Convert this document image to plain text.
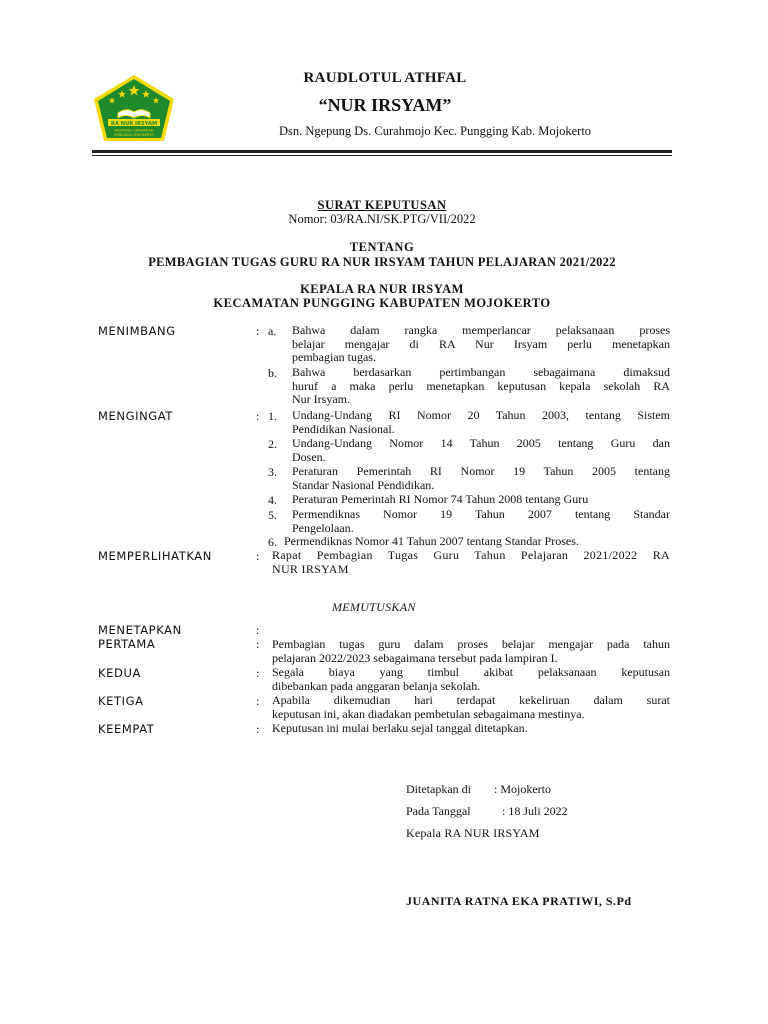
RA NUR IRSYAM
NGEPUNG CURAHMOJO
PUNGGING MOJOKERTO
RAUDLOTUL ATHFAL
“NUR IRSYAM”
Dsn. Ngepung Ds. Curahmojo Kec. Pungging Kab. Mojokerto
SURAT KEPUTUSAN
Nomor: 03/RA.NI/SK.PTG/VII/2022
TENTANG
PEMBAGIAN TUGAS GURU RA NUR IRSYAM TAHUN PELAJARAN 2021/2022
KEPALA RA NUR IRSYAM
KECAMATAN PUNGGING KABUPATEN MOJOKERTO
MENIMBANG	: a. Bahwa dalam rangka memperlancar pelaksanaan proses
belajar mengajar di RA Nur Irsyam perlu menetapkan
pembagian tugas.
b. Bahwa berdasarkan pertimbangan sebagaimana dimaksud
huruf a maka perlu menetapkan keputusan kepala sekolah RA
Nur Irsyam.
MENGINGAT	: 1. Undang-Undang RI Nomor 20 Tahun 2003, tentang Sistem
Pendidikan Nasional.
2. Undang-Undang Nomor 14 Tahun 2005 tentang Guru dan
Dosen.
3. Peraturan Pemerintah RI Nomor 19 Tahun 2005 tentang
Standar Nasional Pendidikan.
4. Peraturan Pemerintah RI Nomor 74 Tahun 2008 tentang Guru
5. Permendiknas Nomor 19 Tahun 2007 tentang Standar
Pengelolaan.
6. Permendiknas Nomor 41 Tahun 2007 tentang Standar Proses.
MEMPERLIHATKAN	: Rapat Pembagian Tugas Guru Tahun Pelajaran 2021/2022 RA
NUR IRSYAM
MEMUTUSKAN
MENETAPKAN	:
PERTAMA	: Pembagian tugas guru dalam proses belajar mengajar pada tahun
pelajaran 2022/2023 sebagaimana tersebut pada lampiran I.
KEDUA	: Segala biaya yang timbul akibat pelaksanaan keputusan
dibebankan pada anggaran belanja sekolah.
KETIGA	: Apabila dikemudian hari terdapat kekeliruan dalam surat
keputusan ini, akan diadakan pembetulan sebagaimana mestinya.
KEEMPAT	: Keputusan ini mulai berlaku sejal tanggal ditetapkan.
Ditetapkan di : Mojokerto
Pada Tanggal	: 18 Juli 2022
Kepala RA NUR IRSYAM
JUANITA RATNA EKA PRATIWI, S.Pd
